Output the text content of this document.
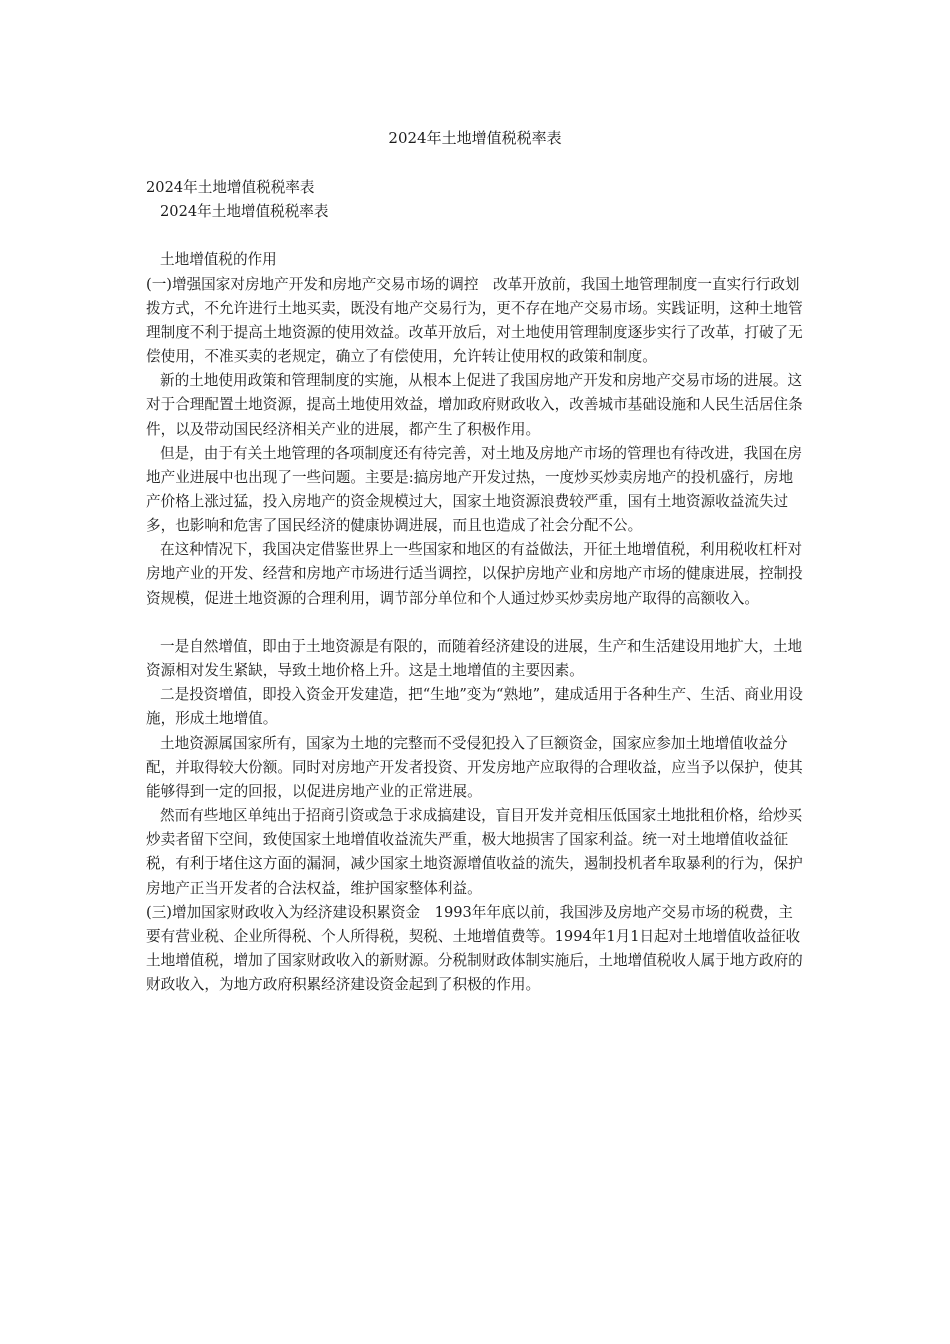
2024年土地增值税税率表

2024年土地增值税税率表

2024年土地增值税税率表

土地增值税的作用

(一)增强国家对房地产开发和房地产交易市场的调控　改革开放前，我国土地管理制度一直实行行政划拨方式，不允许进行土地买卖，既没有地产交易行为，更不存在地产交易市场。实践证明，这种土地管理制度不利于提高土地资源的使用效益。改革开放后，对土地使用管理制度逐步实行了改革，打破了无偿使用，不准买卖的老规定，确立了有偿使用，允许转让使用权的政策和制度。

新的土地使用政策和管理制度的实施，从根本上促进了我国房地产开发和房地产交易市场的进展。这对于合理配置土地资源，提高土地使用效益，增加政府财政收入，改善城市基础设施和人民生活居住条件，以及带动国民经济相关产业的进展，都产生了积极作用。

但是，由于有关土地管理的各项制度还有待完善，对土地及房地产市场的管理也有待改进，我国在房地产业进展中也出现了一些问题。主要是:搞房地产开发过热，一度炒买炒卖房地产的投机盛行，房地产价格上涨过猛，投入房地产的资金规模过大，国家土地资源浪费较严重，国有土地资源收益流失过多，也影响和危害了国民经济的健康协调进展，而且也造成了社会分配不公。

在这种情况下，我国决定借鉴世界上一些国家和地区的有益做法，开征土地增值税，利用税收杠杆对房地产业的开发、经营和房地产市场进行适当调控，以保护房地产业和房地产市场的健康进展，控制投资规模，促进土地资源的合理利用，调节部分单位和个人通过炒买炒卖房地产取得的高额收入。

一是自然增值，即由于土地资源是有限的，而随着经济建设的进展，生产和生活建设用地扩大，土地资源相对发生紧缺，导致土地价格上升。这是土地增值的主要因素。

二是投资增值，即投入资金开发建造，把“生地”变为“熟地”，建成适用于各种生产、生活、商业用设施，形成土地增值。

土地资源属国家所有，国家为土地的完整而不受侵犯投入了巨额资金，国家应参加土地增值收益分配，并取得较大份额。同时对房地产开发者投资、开发房地产应取得的合理收益，应当予以保护，使其能够得到一定的回报，以促进房地产业的正常进展。

然而有些地区单纯出于招商引资或急于求成搞建设，盲目开发并竞相压低国家土地批租价格，给炒买炒卖者留下空间，致使国家土地增值收益流失严重，极大地损害了国家利益。统一对土地增值收益征税，有利于堵住这方面的漏洞，减少国家土地资源增值收益的流失，遏制投机者牟取暴利的行为，保护房地产正当开发者的合法权益，维护国家整体利益。

(三)增加国家财政收入为经济建设积累资金　1993年年底以前，我国涉及房地产交易市场的税费，主要有营业税、企业所得税、个人所得税，契税、土地增值费等。1994年1月1日起对土地增值收益征收土地增值税，增加了国家财政收入的新财源。分税制财政体制实施后，土地增值税收人属于地方政府的财政收入，为地方政府积累经济建设资金起到了积极的作用。
